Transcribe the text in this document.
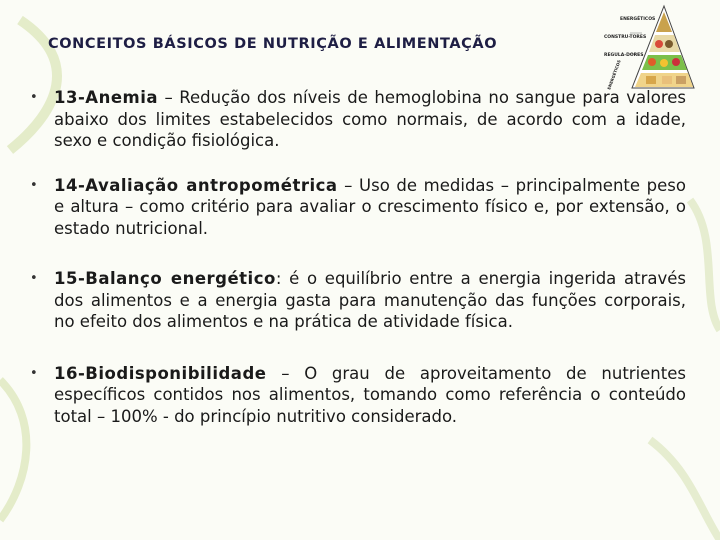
CONCEITOS BÁSICOS DE NUTRIÇÃO E ALIMENTAÇÃO
ENERGÉTICOS
CONSTRU-TORES
REGULA-DORES
ENERGÉTICOS
• 13-Anemia – Redução dos níveis de hemoglobina no sangue para valores abaixo dos limites estabelecidos como normais, de acordo com a idade, sexo e condição fisiológica.
• 14-Avaliação antropométrica – Uso de medidas – principalmente peso e altura – como critério para avaliar o crescimento físico e, por extensão, o estado nutricional.
• 15-Balanço energético: é o equilíbrio entre a energia ingerida através dos alimentos e a energia gasta para manutenção das funções corporais, no efeito dos alimentos e na prática de atividade física.
• 16-Biodisponibilidade – O grau de aproveitamento de nutrientes específicos contidos nos alimentos, tomando como referência o conteúdo total – 100% - do princípio nutritivo considerado.
